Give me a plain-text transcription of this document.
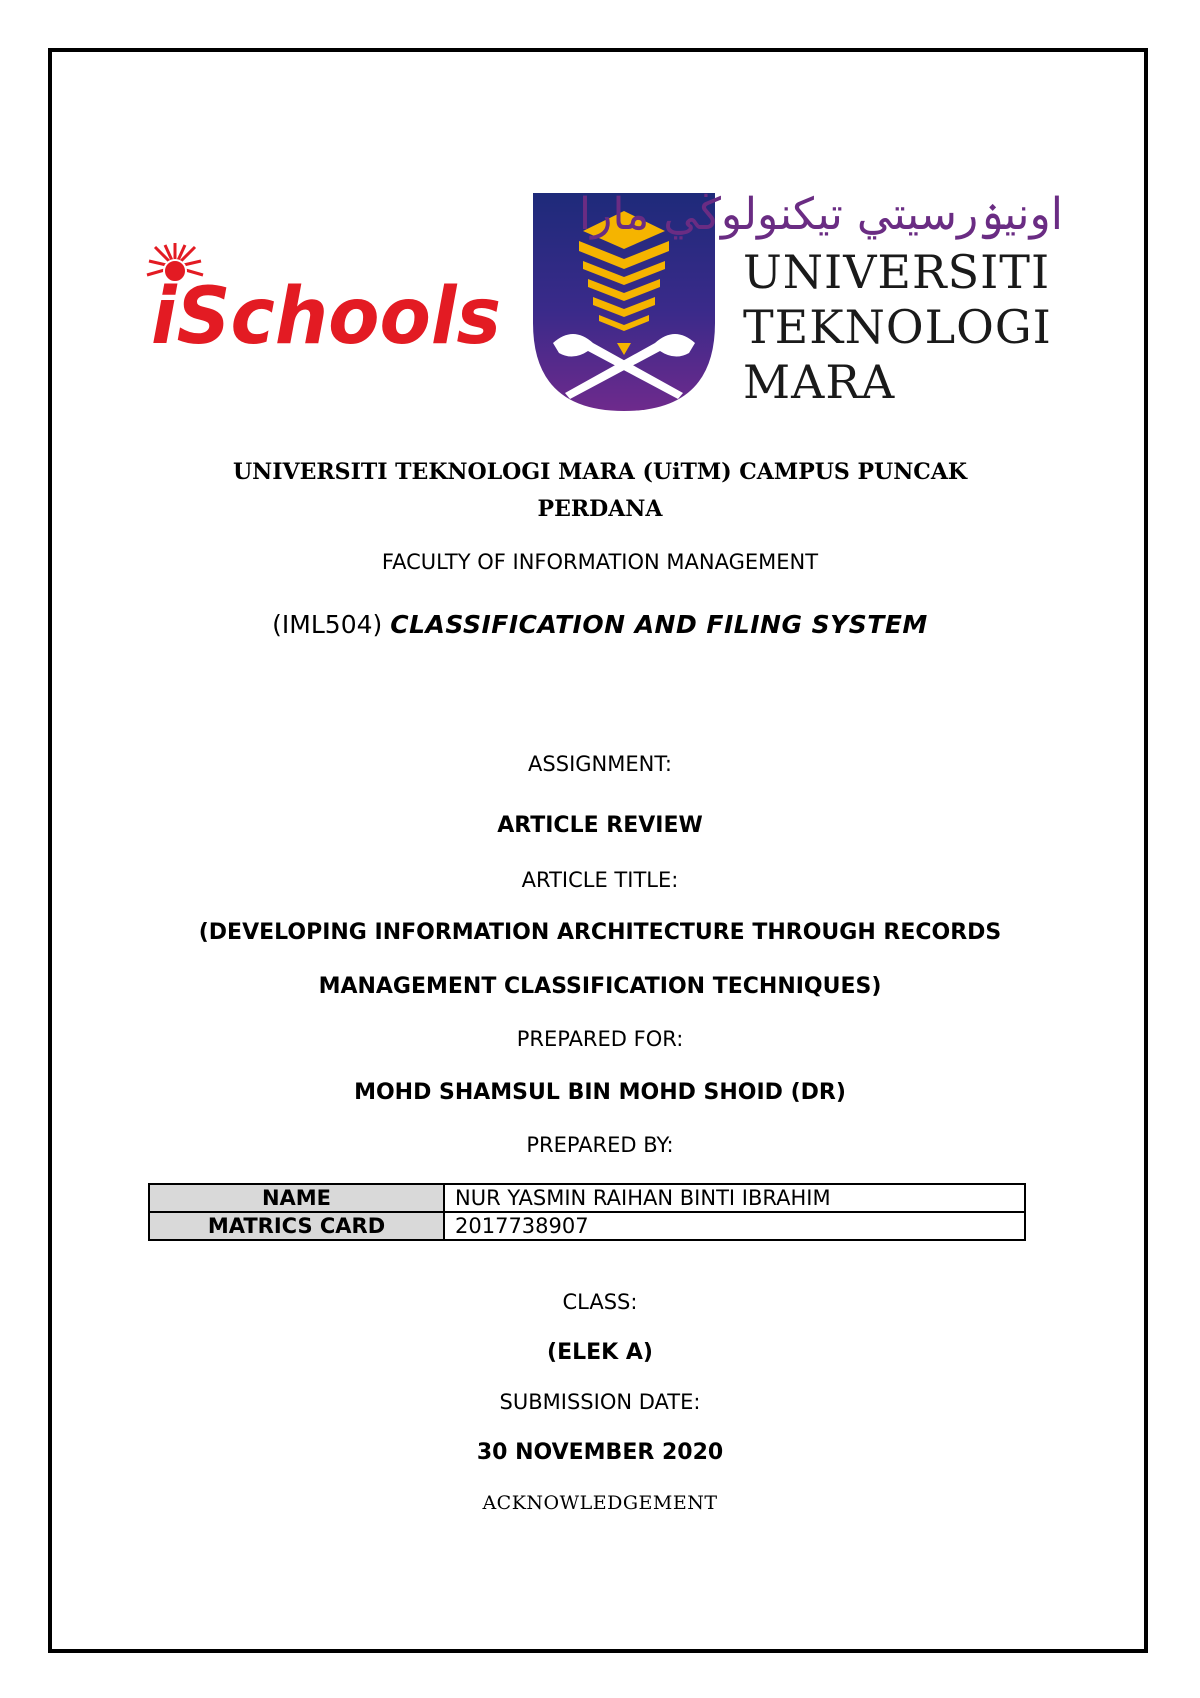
iSchools
اونيۏرسيتي تيكنولوڬي مارا
UNIVERSITI
TEKNOLOGI
MARA
UNIVERSITI TEKNOLOGI MARA (UiTM) CAMPUS PUNCAK
PERDANA
FACULTY OF INFORMATION MANAGEMENT
(IML504) CLASSIFICATION AND FILING SYSTEM
ASSIGNMENT:
ARTICLE REVIEW
ARTICLE TITLE:
(DEVELOPING INFORMATION ARCHITECTURE THROUGH RECORDS
MANAGEMENT CLASSIFICATION TECHNIQUES)
PREPARED FOR:
MOHD SHAMSUL BIN MOHD SHOID (DR)
PREPARED BY:
NAME	NUR YASMIN RAIHAN BINTI IBRAHIM
MATRICS CARD	2017738907
CLASS:
(ELEK A)
SUBMISSION DATE:
30 NOVEMBER 2020
ACKNOWLEDGEMENT
